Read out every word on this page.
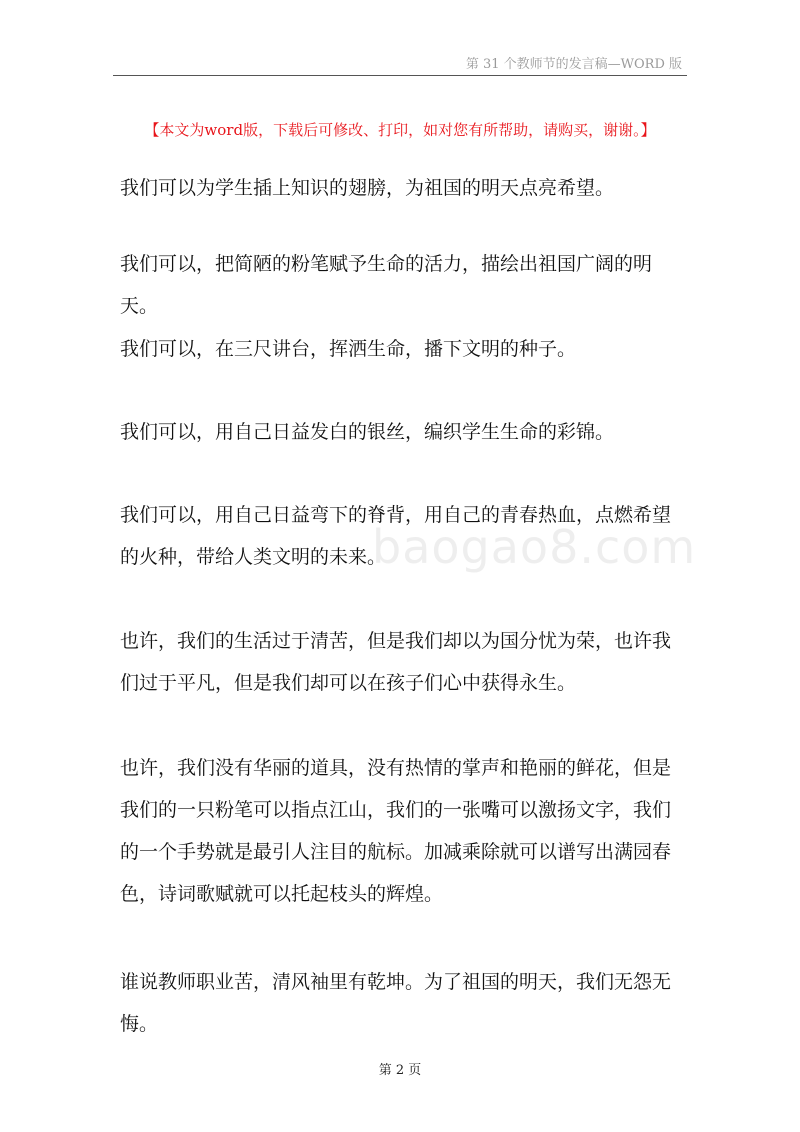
第 31 个教师节的发言稿—WORD 版
【本文为word版，下载后可修改、打印，如对您有所帮助，请购买，谢谢。】

我们可以为学生插上知识的翅膀，为祖国的明天点亮希望。

我们可以，把简陋的粉笔赋予生命的活力，描绘出祖国广阔的明天。

我们可以，在三尺讲台，挥洒生命，播下文明的种子。

我们可以，用自己日益发白的银丝，编织学生生命的彩锦。

我们可以，用自己日益弯下的脊背，用自己的青春热血，点燃希望的火种，带给人类文明的未来。

也许，我们的生活过于清苦，但是我们却以为国分忧为荣，也许我们过于平凡，但是我们却可以在孩子们心中获得永生。

也许，我们没有华丽的道具，没有热情的掌声和艳丽的鲜花，但是我们的一只粉笔可以指点江山，我们的一张嘴可以激扬文字，我们的一个手势就是最引人注目的航标。加减乘除就可以谱写出满园春色，诗词歌赋就可以托起枝头的辉煌。

谁说教师职业苦，清风袖里有乾坤。为了祖国的明天，我们无怨无悔。

baogao8.com
第 2 页
